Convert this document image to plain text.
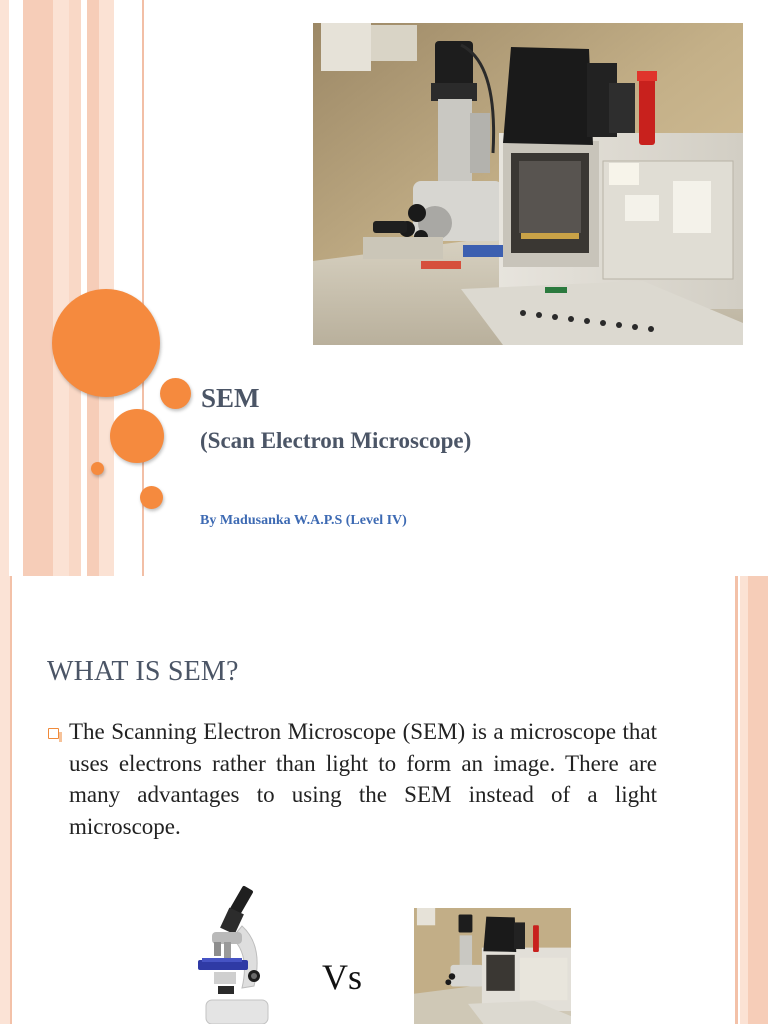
SEM
(Scan Electron Microscope)
By Madusanka W.A.P.S (Level IV)
WHAT IS SEM?
The Scanning Electron Microscope (SEM) is a microscope that uses electrons rather than light to form an image. There are many advantages to using the SEM instead of a light microscope.
Vs
